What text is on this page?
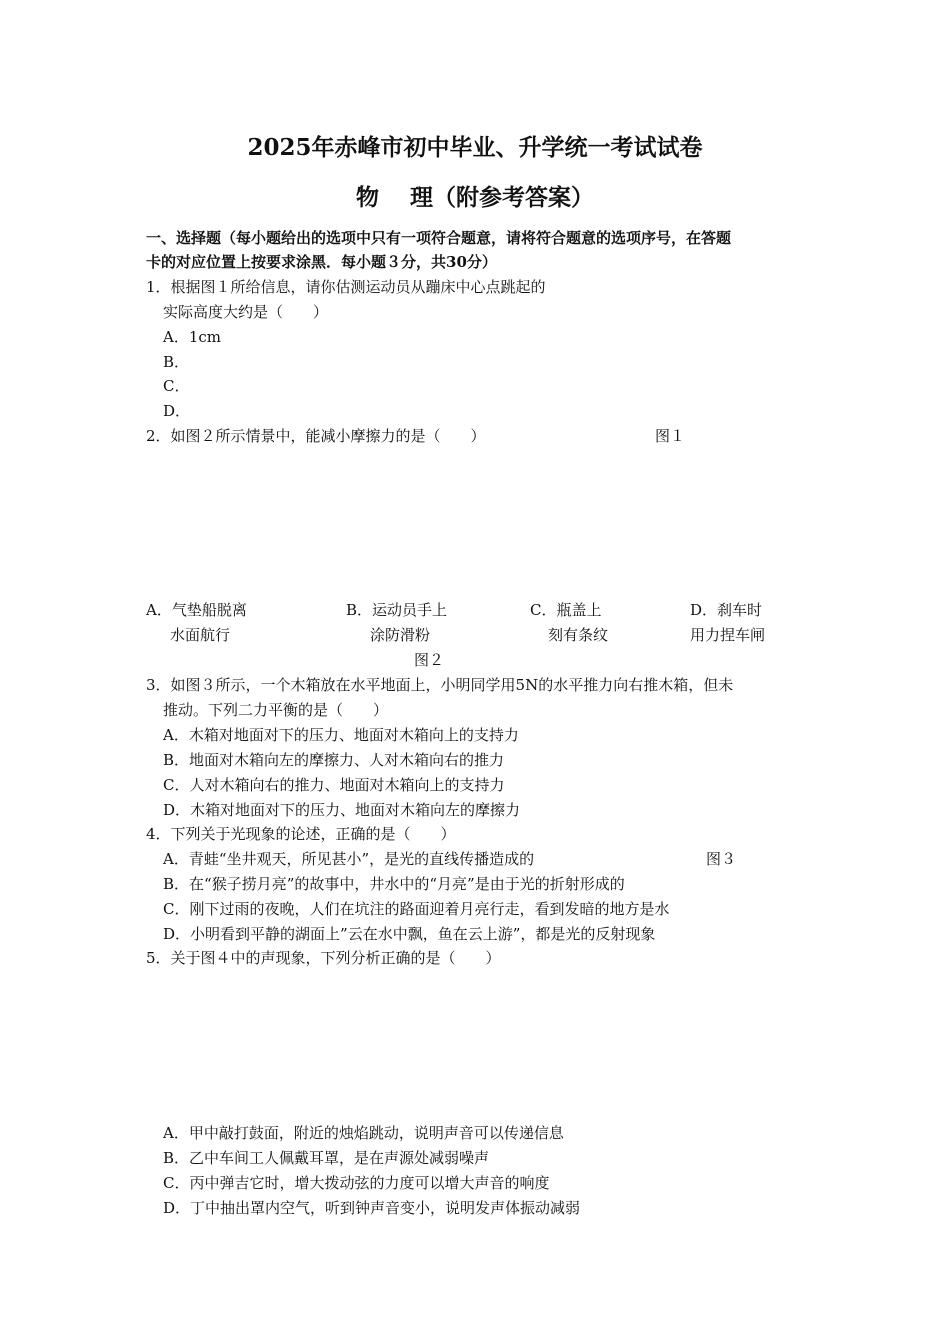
2025年赤峰市初中毕业、升学统一考试试卷
物　 理（附参考答案）
一、选择题（每小题给出的选项中只有一项符合题意，请将符合题意的选项序号，在答题
卡的对应位置上按要求涂黑．每小题３分，共30分）
1．根据图１所给信息，请你估测运动员从蹦床中心点跳起的
实际高度大约是（　　）
A．1cm
B．
C．
D．
2．如图２所示情景中，能减小摩擦力的是（　　）	图１
A．气垫船脱离
水面航行
B．运动员手上
涂防滑粉
C．瓶盖上
刻有条纹
D．刹车时
用力捏车闸
图２
3．如图３所示，一个木箱放在水平地面上，小明同学用5N的水平推力向右推木箱，但未
推动。下列二力平衡的是（　　）
A．木箱对地面对下的压力、地面对木箱向上的支持力
B．地面对木箱向左的摩擦力、人对木箱向右的推力
C．人对木箱向右的推力、地面对木箱向上的支持力
D．木箱对地面对下的压力、地面对木箱向左的摩擦力
4．下列关于光现象的论述，正确的是（　　）
A．青蛙“坐井观天，所见甚小”，是光的直线传播造成的	图３
B．在“猴子捞月亮”的故事中，井水中的“月亮”是由于光的折射形成的
C．刚下过雨的夜晚，人们在坑注的路面迎着月亮行走，看到发暗的地方是水
D．小明看到平静的湖面上”云在水中飘，鱼在云上游”，都是光的反射现象
5．关于图４中的声现象，下列分析正确的是（　　）
A．甲中敲打鼓面，附近的烛焰跳动，说明声音可以传递信息
B．乙中车间工人佩戴耳罩，是在声源处减弱噪声
C．丙中弹吉它时，增大拨动弦的力度可以增大声音的响度
D．丁中抽出罩内空气，听到钟声音变小，说明发声体振动减弱
